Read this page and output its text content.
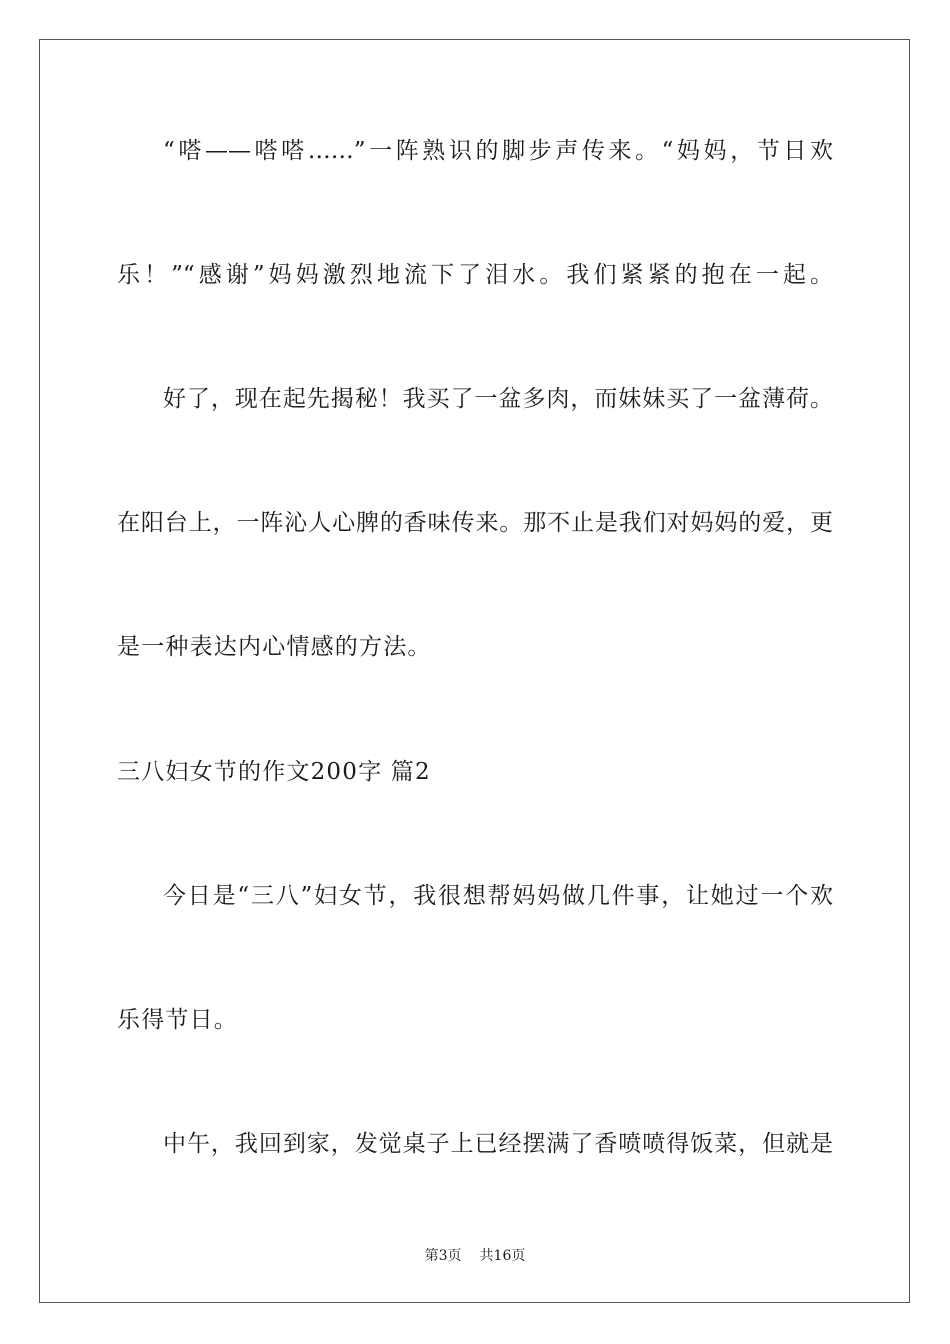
“嗒——嗒嗒……”一阵熟识的脚步声传来。“妈妈，节日欢
乐！”“感谢”妈妈激烈地流下了泪水。我们紧紧的抱在一起。
好了，现在起先揭秘！我买了一盆多肉，而妹妹买了一盆薄荷。
在阳台上，一阵沁人心脾的香味传来。那不止是我们对妈妈的爱，更
是一种表达内心情感的方法。
三八妇女节的作文200字 篇2
今日是“三八”妇女节，我很想帮妈妈做几件事，让她过一个欢
乐得节日。
中午，我回到家，发觉桌子上已经摆满了香喷喷得饭菜，但就是
第3页 共16页
